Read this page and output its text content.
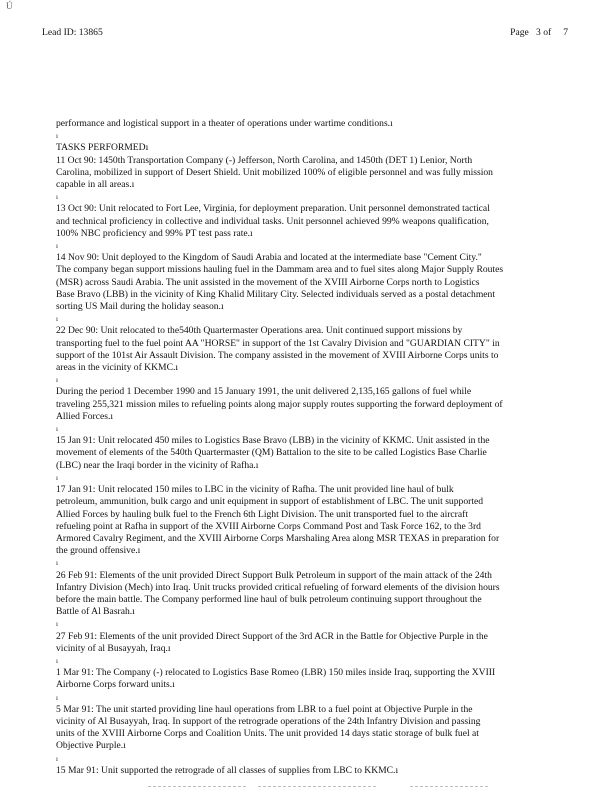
Ú
Lead ID: 13865	Page 3 of 7

performance and logistical support in a theater of operations under wartime conditions.ı

ı

TASKS PERFORMEDı

11 Oct 90: 1450th Transportation Company (-) Jefferson, North Carolina, and 1450th (DET 1) Lenior, North
Carolina, mobilized in support of Desert Shield. Unit mobilized 100% of eligible personnel and was fully mission
capable in all areas.ı

ı

13 Oct 90: Unit relocated to Fort Lee, Virginia, for deployment preparation. Unit personnel demonstrated tactical
and technical proficiency in collective and individual tasks. Unit personnel achieved 99% weapons qualification,
100% NBC proficiency and 99% PT test pass rate.ı

ı

14 Nov 90: Unit deployed to the Kingdom of Saudi Arabia and located at the intermediate base "Cement City."
The company began support missions hauling fuel in the Dammam area and to fuel sites along Major Supply Routes
(MSR) across Saudi Arabia. The unit assisted in the movement of the XVIII Airborne Corps north to Logistics
Base Bravo (LBB) in the vicinity of King Khalid Military City. Selected individuals served as a postal detachment
sorting US Mail during the holiday season.ı

ı

22 Dec 90: Unit relocated to the540th Quartermaster Operations area. Unit continued support missions by
transporting fuel to the fuel point AA "HORSE" in support of the 1st Cavalry Division and "GUARDIAN CITY" in
support of the 101st Air Assault Division. The company assisted in the movement of XVIII Airborne Corps units to
areas in the vicinity of KKMC.ı

ı

During the period 1 December 1990 and 15 January 1991, the unit delivered 2,135,165 gallons of fuel while
traveling 255,321 mission miles to refueling points along major supply routes supporting the forward deployment of
Allied Forces.ı

ı

15 Jan 91: Unit relocated 450 miles to Logistics Base Bravo (LBB) in the vicinity of KKMC. Unit assisted in the
movement of elements of the 540th Quartermaster (QM) Battalion to the site to be called Logistics Base Charlie
(LBC) near the Iraqi border in the vicinity of Rafha.ı

ı

17 Jan 91: Unit relocated 150 miles to LBC in the vicinity of Rafha. The unit provided line haul of bulk
petroleum, ammunition, bulk cargo and unit equipment in support of establishment of LBC. The unit supported
Allied Forces by hauling bulk fuel to the French 6th Light Division. The unit transported fuel to the aircraft
refueling point at Rafha in support of the XVIII Airborne Corps Command Post and Task Force 162, to the 3rd
Armored Cavalry Regiment, and the XVIII Airborne Corps Marshaling Area along MSR TEXAS in preparation for
the ground offensive.ı

ı

26 Feb 91: Elements of the unit provided Direct Support Bulk Petroleum in support of the main attack of the 24th
Infantry Division (Mech) into Iraq. Unit trucks provided critical refueling of forward elements of the division hours
before the main battle. The Company performed line haul of bulk petroleum continuing support throughout the
Battle of Al Basrah.ı

ı

27 Feb 91: Elements of the unit provided Direct Support of the 3rd ACR in the Battle for Objective Purple in the
vicinity of al Busayyah, Iraq.ı

ı

1 Mar 91: The Company (-) relocated to Logistics Base Romeo (LBR) 150 miles inside Iraq, supporting the XVIII
Airborne Corps forward units.ı

ı

5 Mar 91: The unit started providing line haul operations from LBR to a fuel point at Objective Purple in the
vicinity of Al Busayyah, Iraq. In support of the retrograde operations of the 24th Infantry Division and passing
units of the XVIII Airborne Corps and Coalition Units. The unit provided 14 days static storage of bulk fuel at
Objective Purple.ı

ı

15 Mar 91: Unit supported the retrograde of all classes of supplies from LBC to KKMC.ı
